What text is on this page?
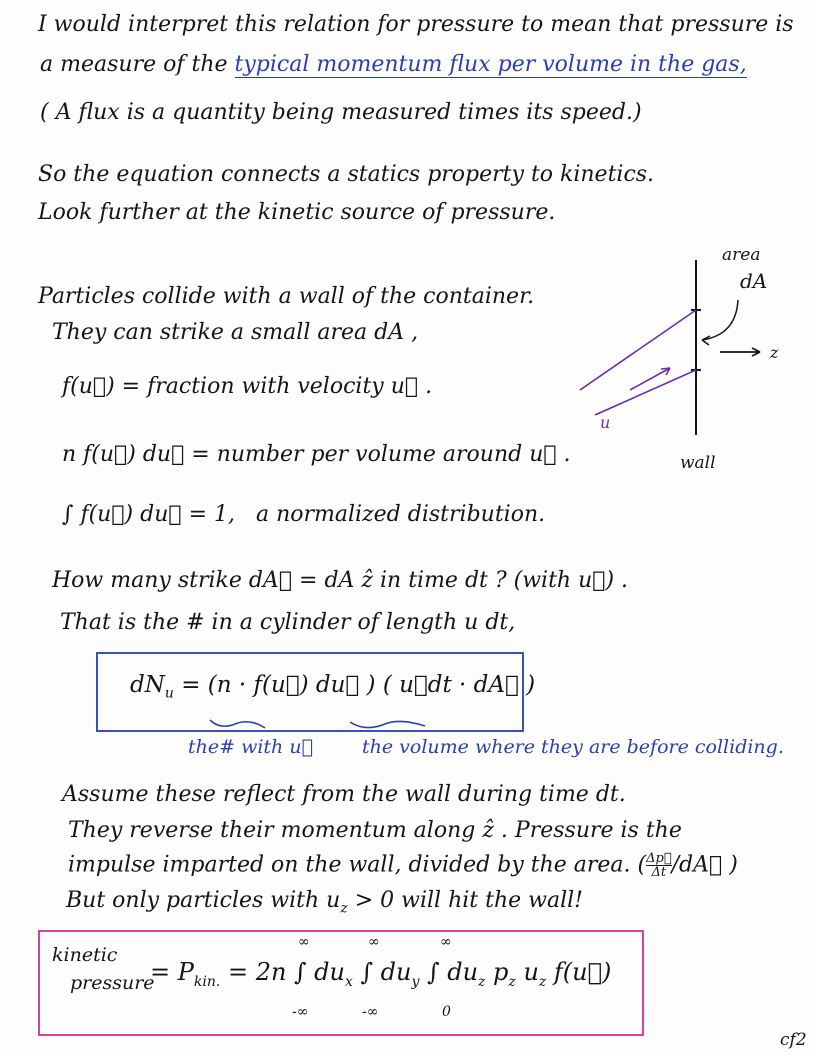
I would interpret this relation for pressure to mean that pressure is
a measure of the typical momentum flux per volume in the gas,
( A flux is a quantity being measured times its speed.)
So the equation connects a statics property to kinetics.
Look further at the kinetic source of pressure.
area
dA
z
u
wall
Particles collide with a wall of the container.
They can strike a small area dA ,
f(u⃗) = fraction with velocity u⃗ .
n f(u⃗) du⃗ = number per volume around u⃗ .
∫ f(u⃗) du⃗ = 1, a normalized distribution.
How many strike dA⃗ = dA ẑ in time dt ? (with u⃗) .
That is the # in a cylinder of length u dt,
$dN_u = (n$ · f(u⃗) du⃗ ) ( u⃗dt · dA⃗ )
the# with u⃗	the volume where they are before colliding.
Assume these reflect from the wall during time dt.
They reverse their momentum along ẑ . Pressure is the
impulse imparted on the wall, divided by the area. ( $\frac{\Delta p⃗}{\Delta t}/dA⃗$ )
But only particles with $u_z > 0$ will hit the wall!
kinetic
pressure
= $P_{kin.} = 2n$ ∫ $du_x$ ∫ $du_y$ ∫ $du_z$ $p_z$ $u_z$ f(u⃗)
∞
-∞
∞
-∞
∞
0
cf2
